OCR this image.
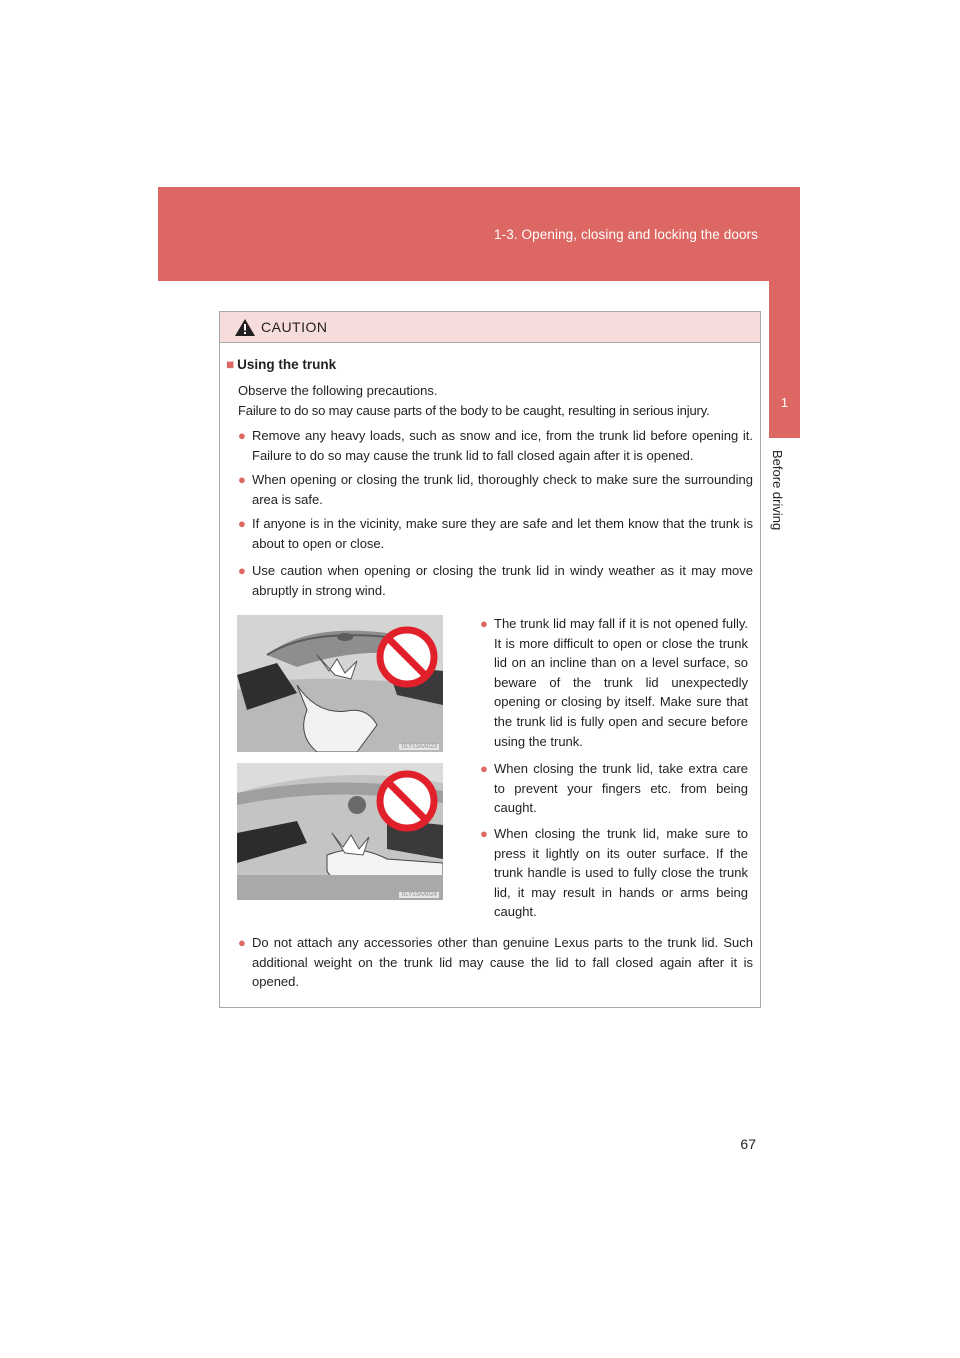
1-3. Opening, closing and locking the doors
1
Before driving
CAUTION
■ Using the trunk
Observe the following precautions.
Failure to do so may cause parts of the body to be caught, resulting in serious injury.
● Remove any heavy loads, such as snow and ice, from the trunk lid before opening it. Failure to do so may cause the trunk lid to fall closed again after it is opened.
● When opening or closing the trunk lid, thoroughly check to make sure the surrounding area is safe.
● If anyone is in the vicinity, make sure they are safe and let them know that the trunk is about to open or close.
● Use caution when opening or closing the trunk lid in windy weather as it may move abruptly in strong wind.
SLY13AA023
SLY13AA024
● The trunk lid may fall if it is not opened fully. It is more difficult to open or close the trunk lid on an incline than on a level surface, so beware of the trunk lid unexpectedly opening or closing by itself. Make sure that the trunk lid is fully open and secure before using the trunk.
● When closing the trunk lid, take extra care to prevent your fingers etc. from being caught.
● When closing the trunk lid, make sure to press it lightly on its outer surface. If the trunk handle is used to fully close the trunk lid, it may result in hands or arms being caught.
● Do not attach any accessories other than genuine Lexus parts to the trunk lid. Such additional weight on the trunk lid may cause the lid to fall closed again after it is opened.
67
